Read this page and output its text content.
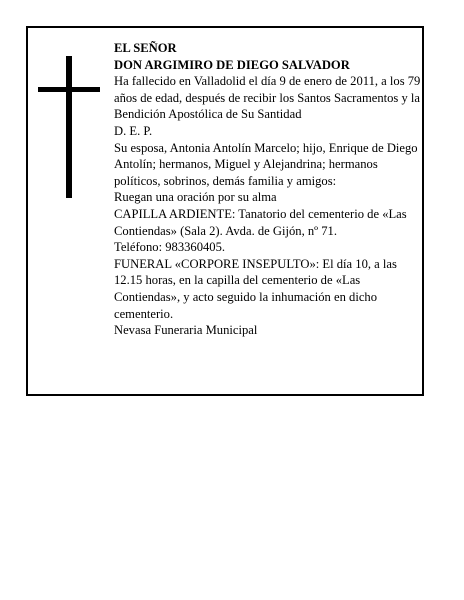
EL SEÑOR

DON ARGIMIRO DE DIEGO SALVADOR

Ha fallecido en Valladolid el día 9 de enero de 2011, a los 79 años de edad, después de recibir los Santos Sacramentos y la Bendición Apostólica de Su Santidad

D. E. P.

Su esposa, Antonia Antolín Marcelo; hijo, Enrique de Diego Antolín; hermanos, Miguel y Alejandrina; hermanos políticos, sobrinos, demás familia y amigos:

Ruegan una oración por su alma

CAPILLA ARDIENTE: Tanatorio del cementerio de «Las Contiendas» (Sala 2). Avda. de Gijón, nº 71.

Teléfono: 983360405.

FUNERAL «CORPORE INSEPULTO»: El día 10, a las 12.15 horas, en la capilla del cementerio de «Las Contiendas», y acto seguido la inhumación en dicho cementerio.

Nevasa Funeraria Municipal
